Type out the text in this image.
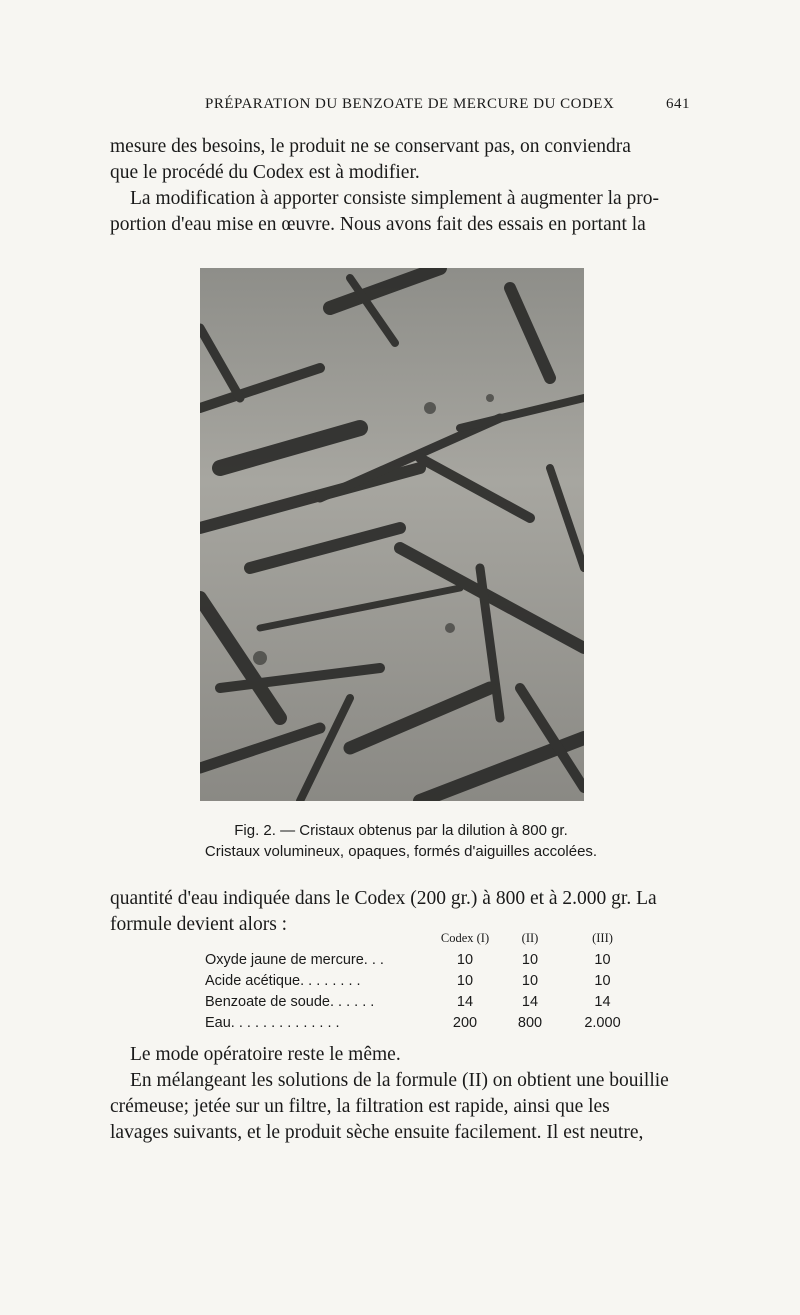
PRÉPARATION DU BENZOATE DE MERCURE DU CODEX	641

mesure des besoins, le produit ne se conservant pas, on conviendra
que le procédé du Codex est à modifier.
La modification à apporter consiste simplement à augmenter la pro-
portion d'eau mise en œuvre. Nous avons fait des essais en portant la

Fig. 2. — Cristaux obtenus par la dilution à 800 gr.
Cristaux volumineux, opaques, formés d'aiguilles accolées.

quantité d'eau indiquée dans le Codex (200 gr.) à 800 et à 2.000 gr. La
formule devient alors :

	Codex (I)	(II)	(III)
Oxyde jaune de mercure. . .	10	10	10
Acide acétique. . . . . . . .	10	10	10
Benzoate de soude. . . . . .	14	14	14
Eau. . . . . . . . . . . . . .	200	800	2.000

Le mode opératoire reste le même.
En mélangeant les solutions de la formule (II) on obtient une bouillie
crémeuse; jetée sur un filtre, la filtration est rapide, ainsi que les
lavages suivants, et le produit sèche ensuite facilement. Il est neutre,
